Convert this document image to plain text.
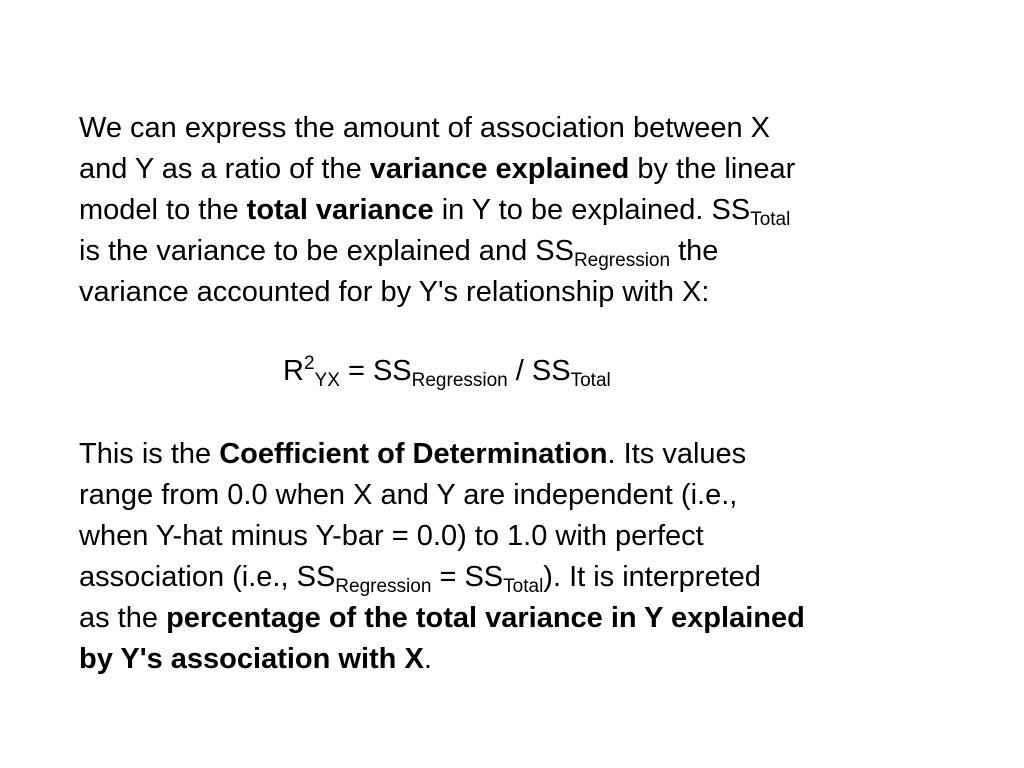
We can express the amount of association between X
and Y as a ratio of the variance explained by the linear
model to the total variance in Y to be explained. $SS_{Total}$
is the variance to be explained and $SS_{Regression}$ the
variance accounted for by Y's relationship with X:
$R^2_{YX} = SS_{Regression} / SS_{Total}$
This is the Coefficient of Determination. Its values
range from 0.0 when X and Y are independent (i.e.,
when Y-hat minus Y-bar = 0.0) to 1.0 with perfect
association (i.e., $SS_{Regression} = SS_{Total}$). It is interpreted
as the percentage of the total variance in Y explained
by Y's association with X.
